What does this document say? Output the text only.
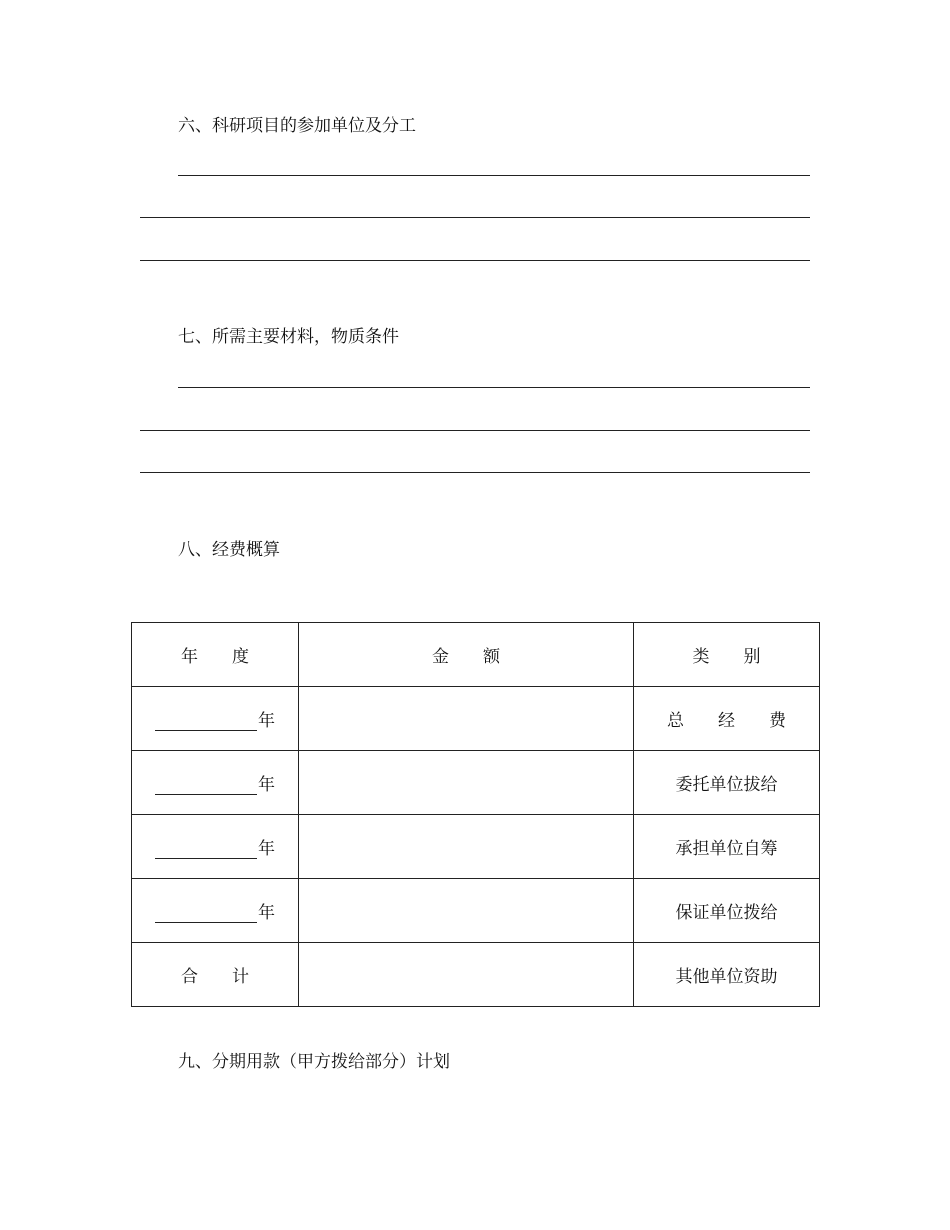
六、科研项目的参加单位及分工
七、所需主要材料，物质条件
八、经费概算
年　　度	金　　额	类　　别
年		总　　经　　费
年		委托单位拔给
年		承担单位自筹
年		保证单位拨给
合　　计		其他单位资助
九、分期用款（甲方拨给部分）计划
